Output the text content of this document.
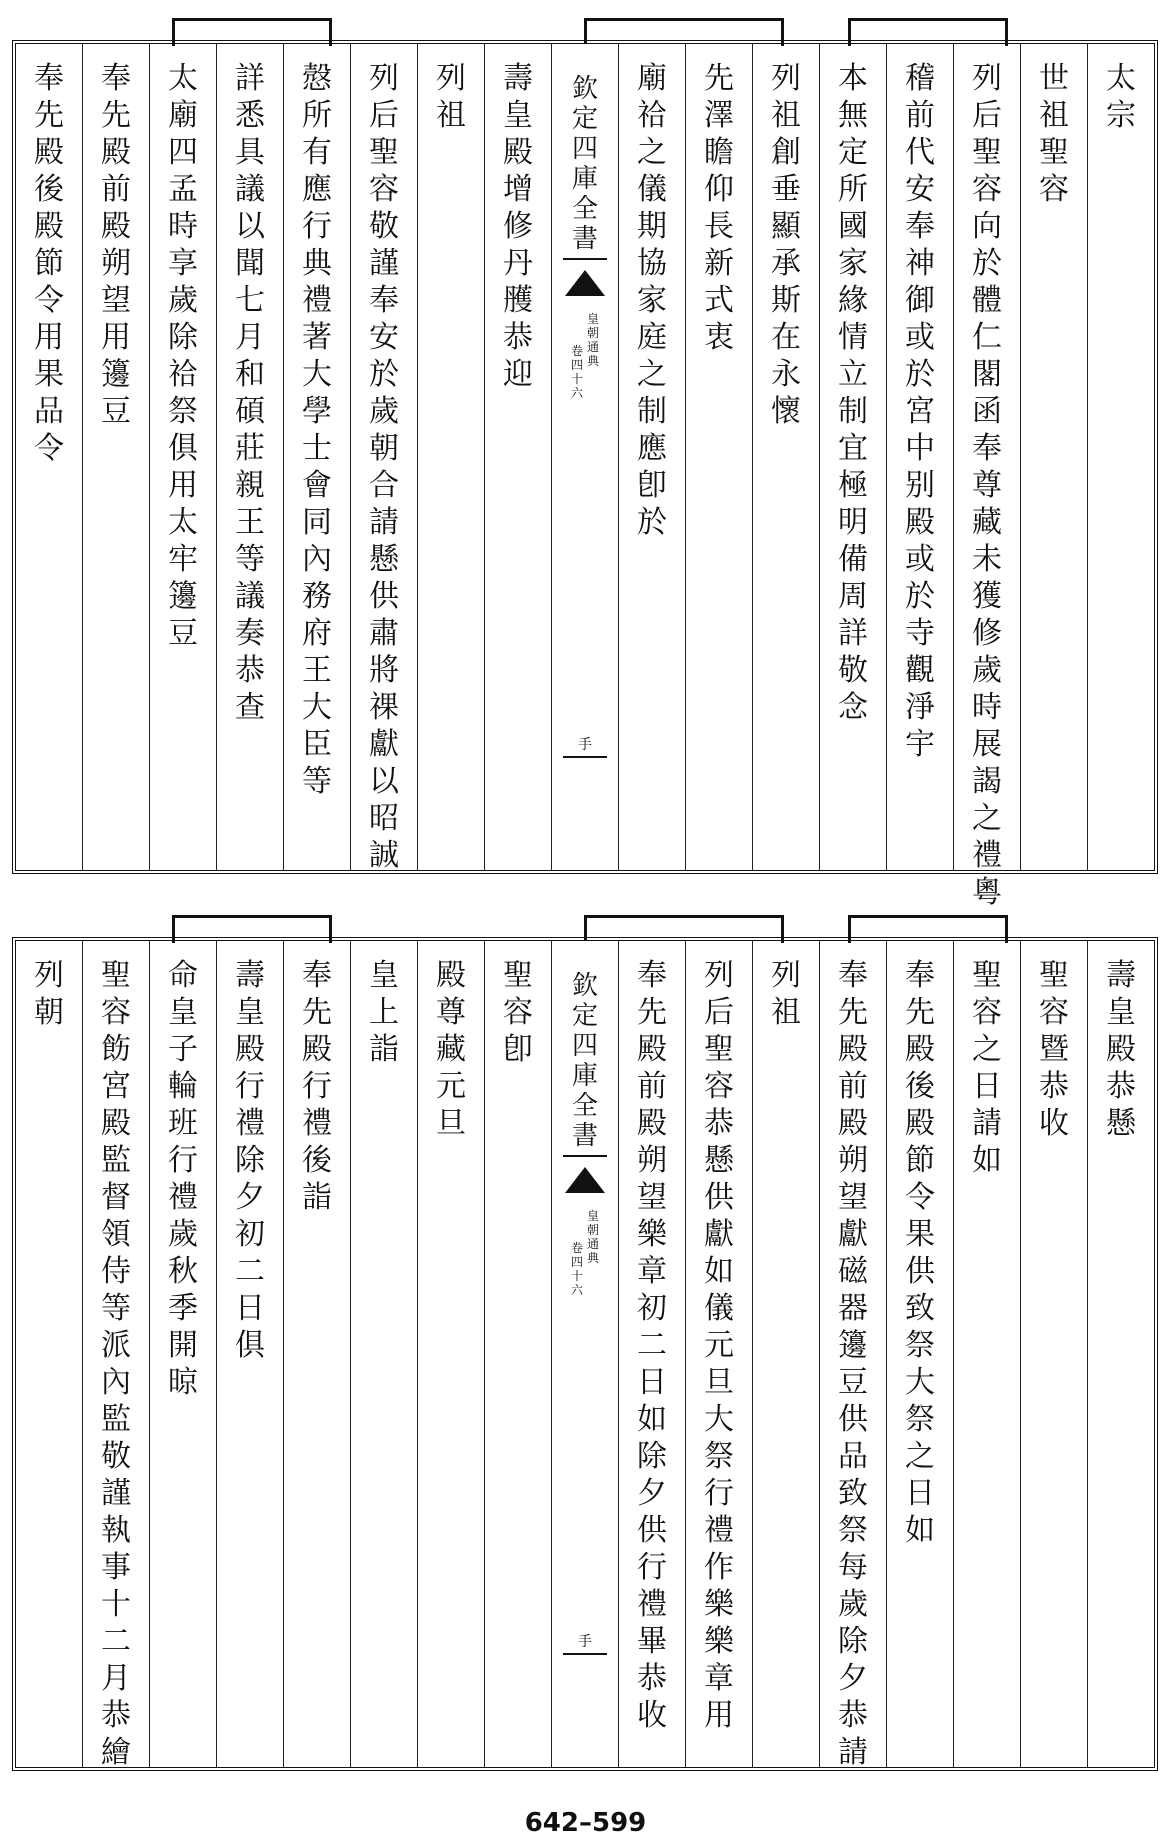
太宗
世祖聖容
列后聖容向於體仁閣函奉尊藏未獲修歲時展謁之禮粵
稽前代安奉神御或於宮中别殿或於寺觀淨宇
本無定所國家緣情立制宜極明備周詳敬念
列祖創垂顯承斯在永懷
先澤瞻仰長新式衷
廟祫之儀期協家庭之制應卽於
欽定四庫全書
皇朝通典
卷四十六
手
壽皇殿增修丹雘恭迎
列祖
列后聖容敬謹奉安於歲朝合請懸供肅將祼獻以昭誠
慤所有應行典禮著大學士會同內務府王大臣等
詳悉具議以聞七月和碩莊親王等議奏恭查
太廟四孟時享歲除祫祭俱用太牢籩豆
奉先殿前殿朔望用籩豆
奉先殿後殿節令用果品令
壽皇殿恭懸
聖容暨恭收
聖容之日請如
奉先殿後殿節令果供致祭大祭之日如
奉先殿前殿朔望獻磁器籩豆供品致祭每歲除夕恭請
列祖
列后聖容恭懸供獻如儀元旦大祭行禮作樂樂章用
奉先殿前殿朔望樂章初二日如除夕供行禮畢恭收
欽定四庫全書
皇朝通典
卷四十六
手
聖容卽
殿尊藏元旦
皇上詣
奉先殿行禮後詣
壽皇殿行禮除夕初二日俱
命皇子輪班行禮歲秋季開晾
聖容飭宮殿監督領侍等派內監敬謹執事十二月恭繪
列朝
642–599
